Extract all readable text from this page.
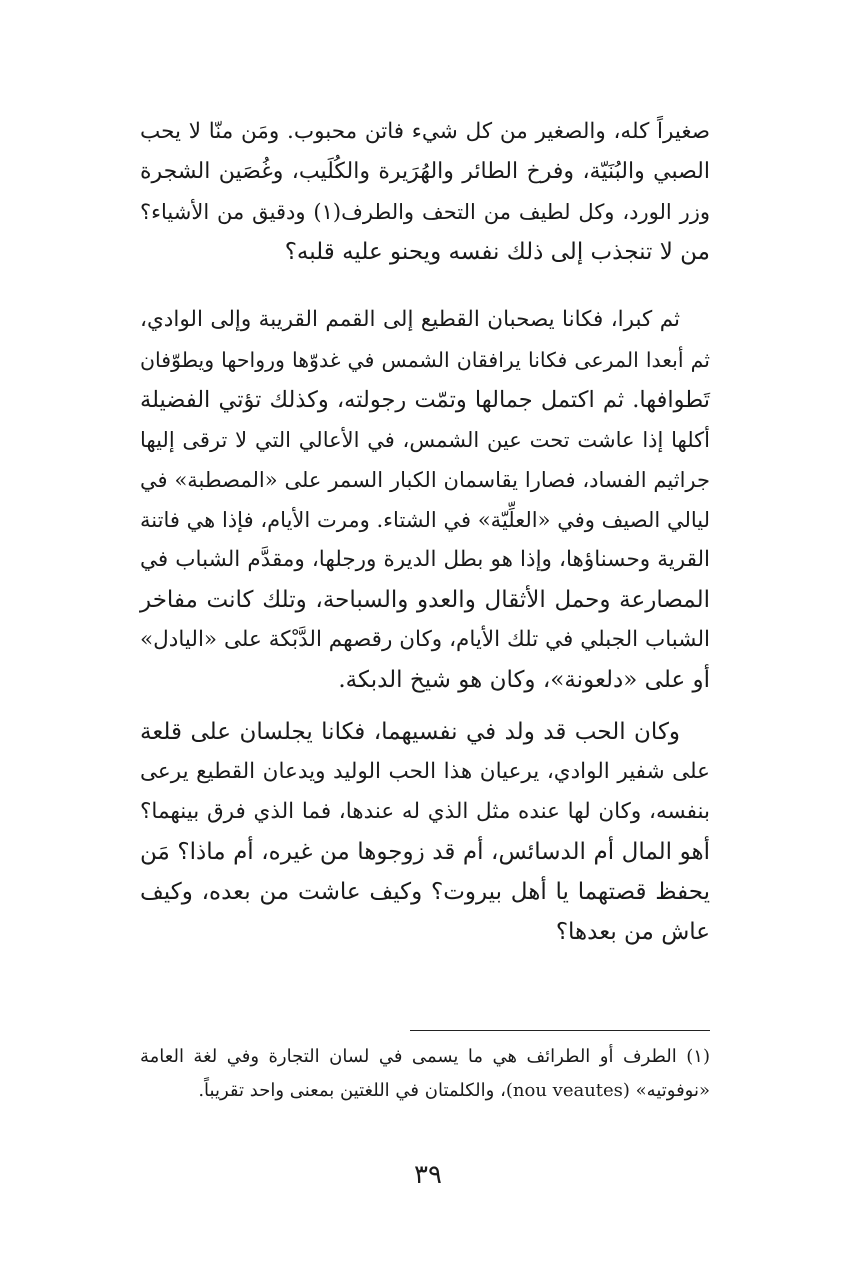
صغيراً كله، والصغير من كل شيء فاتن محبوب. ومَن منّا لا يحب
الصبي والبُنَيّة، وفرخ الطائر والهُرَيرة والكُلَيب، وغُصَين الشجرة
وزر الورد، وكل لطيف من التحف والطرف(١) ودقيق من الأشياء؟
من لا تنجذب إلى ذلك نفسه ويحنو عليه قلبه؟
ثم كبرا، فكانا يصحبان القطيع إلى القمم القريبة وإلى الوادي،
ثم أبعدا المرعى فكانا يرافقان الشمس في غدوّها ورواحها ويطوّفان
تَطوافها. ثم اكتمل جمالها وتمّت رجولته، وكذلك تؤتي الفضيلة
أكلها إذا عاشت تحت عين الشمس، في الأعالي التي لا ترقى إليها
جراثيم الفساد، فصارا يقاسمان الكبار السمر على «المصطبة» في
ليالي الصيف وفي «العلِّيّة» في الشتاء. ومرت الأيام، فإذا هي فاتنة
القرية وحسناؤها، وإذا هو بطل الديرة ورجلها، ومقدَّم الشباب في
المصارعة وحمل الأثقال والعدو والسباحة، وتلك كانت مفاخر
الشباب الجبلي في تلك الأيام، وكان رقصهم الدَّبْكة على «اليادل»
أو على «دلعونة»، وكان هو شيخ الدبكة.
وكان الحب قد ولد في نفسيهما، فكانا يجلسان على قلعة
على شفير الوادي، يرعيان هذا الحب الوليد ويدعان القطيع يرعى
بنفسه، وكان لها عنده مثل الذي له عندها، فما الذي فرق بينهما؟
أهو المال أم الدسائس، أم قد زوجوها من غيره، أم ماذا؟ مَن
يحفظ قصتهما يا أهل بيروت؟ وكيف عاشت من بعده، وكيف
عاش من بعدها؟
(١) الطرف أو الطرائف هي ما يسمى في لسان التجارة وفي لغة العامة
«نوفوتيه» (nou veautes)، والكلمتان في اللغتين بمعنى واحد تقريباً.
٣٩
